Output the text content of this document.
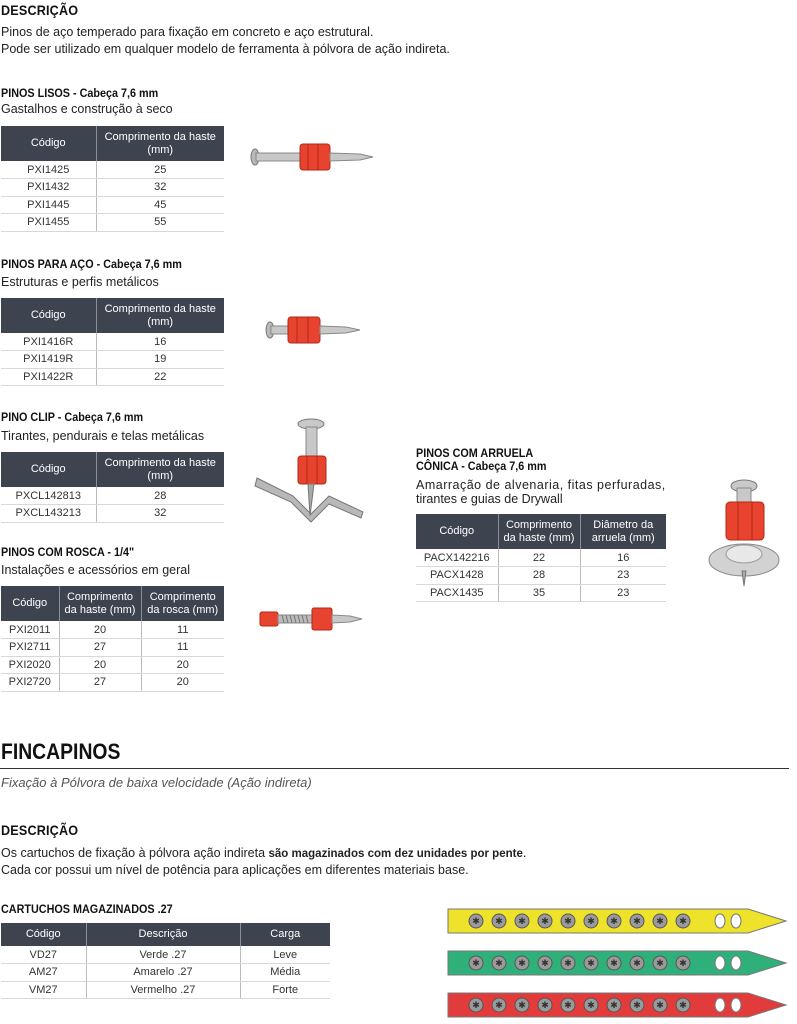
DESCRIÇÃO
Pinos de aço temperado para fixação em concreto e aço estrutural.
Pode ser utilizado em qualquer modelo de ferramenta à pólvora de ação indireta.
PINOS LISOS - Cabeça 7,6 mm
Gastalhos e construção à seco
Código	Comprimento da haste (mm)
PXI1425	25
PXI1432	32
PXI1445	45
PXI1455	55
PINOS PARA AÇO - Cabeça 7,6 mm
Estruturas e perfis metálicos
Código	Comprimento da haste (mm)
PXI1416R	16
PXI1419R	19
PXI1422R	22
PINO CLIP - Cabeça 7,6 mm
Tirantes, pendurais e telas metálicas
Código	Comprimento da haste (mm)
PXCL142813	28
PXCL143213	32
PINOS COM ROSCA - 1/4"
Instalações e acessórios em geral
Código	Comprimento da haste (mm)	Comprimento da rosca (mm)
PXI2011	20	11
PXI2711	27	11
PXI2020	20	20
PXI2720	27	20
PINOS COM ARRUELA
CÔNICA - Cabeça 7,6 mm
Amarração de alvenaria, fitas perfuradas,
tirantes e guias de Drywall
Código	Comprimento da haste (mm)	Diâmetro da arruela (mm)
PACX142216	22	16
PACX1428	28	23
PACX1435	35	23
FINCAPINOS
Fixação à Pólvora de baixa velocidade (Ação indireta)
DESCRIÇÃO
Os cartuchos de fixação à pólvora ação indireta são magazinados com dez unidades por pente.
Cada cor possui um nível de potência para aplicações em diferentes materiais base.
CARTUCHOS MAGAZINADOS .27
Código	Descrição	Carga
VD27	Verde .27	Leve
AM27	Amarelo .27	Média
VM27	Vermelho .27	Forte
✱ ✱ ✱ ✱ ✱ ✱ ✱ ✱ ✱ ✱
✱ ✱ ✱ ✱ ✱ ✱ ✱ ✱ ✱ ✱
✱ ✱ ✱ ✱ ✱ ✱ ✱ ✱ ✱ ✱
